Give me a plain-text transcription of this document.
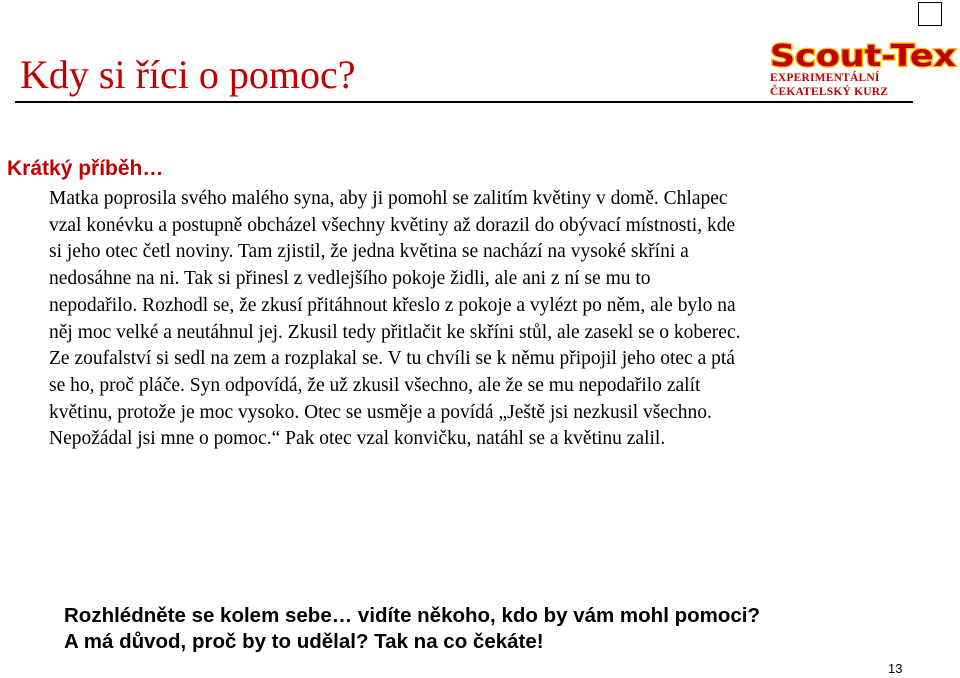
Kdy si říci o pomoc?	Scout-Tex
EXPERIMENTÁLNÍ
ČEKATELSKÝ KURZ
Krátký příběh…
Matka poprosila svého malého syna, aby ji pomohl se zalitím květiny v domě. Chlapec
vzal konévku a postupně obcházel všechny květiny až dorazil do obývací místnosti, kde
si jeho otec četl noviny. Tam zjistil, že jedna květina se nachází na vysoké skříni a
nedosáhne na ni. Tak si přinesl z vedlejšího pokoje židli, ale ani z ní se mu to
nepodařilo. Rozhodl se, že zkusí přitáhnout křeslo z pokoje a vylézt po něm, ale bylo na
něj moc velké a neutáhnul jej. Zkusil tedy přitlačit ke skříni stůl, ale zasekl se o koberec.
Ze zoufalství si sedl na zem a rozplakal se. V tu chvíli se k němu připojil jeho otec a ptá
se ho, proč pláče. Syn odpovídá, že už zkusil všechno, ale že se mu nepodařilo zalít
květinu, protože je moc vysoko. Otec se usměje a povídá „Ještě jsi nezkusil všechno.
Nepožádal jsi mne o pomoc.“ Pak otec vzal konvičku, natáhl se a květinu zalil.
Rozhlédněte se kolem sebe… vidíte někoho, kdo by vám mohl pomoci?
A má důvod, proč by to udělal? Tak na co čekáte!
13
